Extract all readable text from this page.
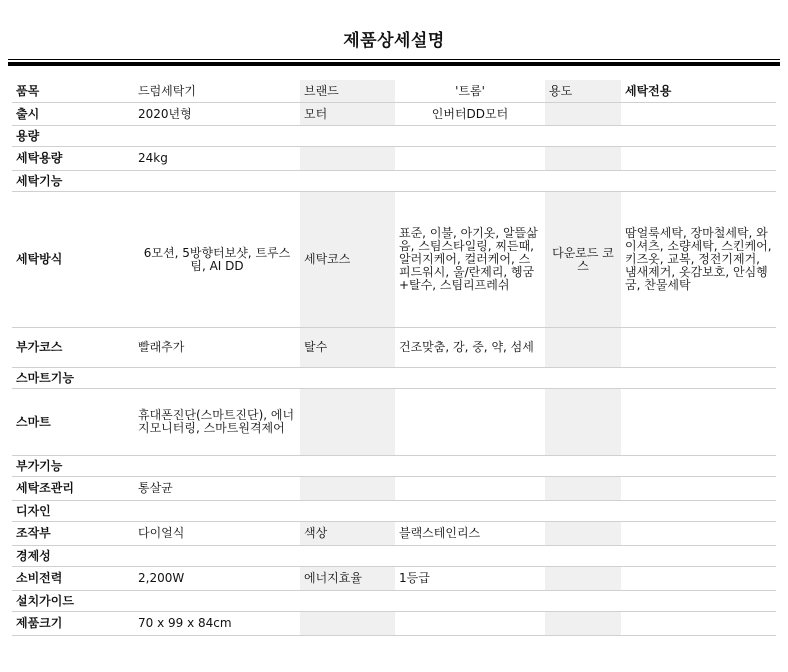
제품상세설명
품목	드럼세탁기	브랜드	'트롬'	용도	세탁전용
출시	2020년형	모터	인버터DD모터		
용량					
세탁용량	24kg				
세탁기능					
세탁방식	6모션, 5방향터보샷, 트루스팀, AI DD	세탁코스	표준, 이불, 아기옷, 알뜰삶음, 스팀스타일링, 찌든때, 알러지케어, 컬러케어, 스피드워시, 울/란제리, 헹굼+탈수, 스팀리프레쉬	다운로드 코스	땀얼룩세탁, 장마철세탁, 와이셔츠, 소량세탁, 스킨케어, 키즈옷, 교복, 정전기제거, 냄새제거, 옷감보호, 안심헹굼, 찬물세탁
부가코스	빨래추가	탈수	건조맞춤, 강, 중, 약, 섬세		
스마트기능					
스마트	휴대폰진단(스마트진단), 에너지모니터링, 스마트원격제어				
부가기능					
세탁조관리	통살균				
디자인					
조작부	다이얼식	색상	블랙스테인리스		
경제성					
소비전력	2,200W	에너지효율	1등급		
설치가이드					
제품크기	70 x 99 x 84cm				
